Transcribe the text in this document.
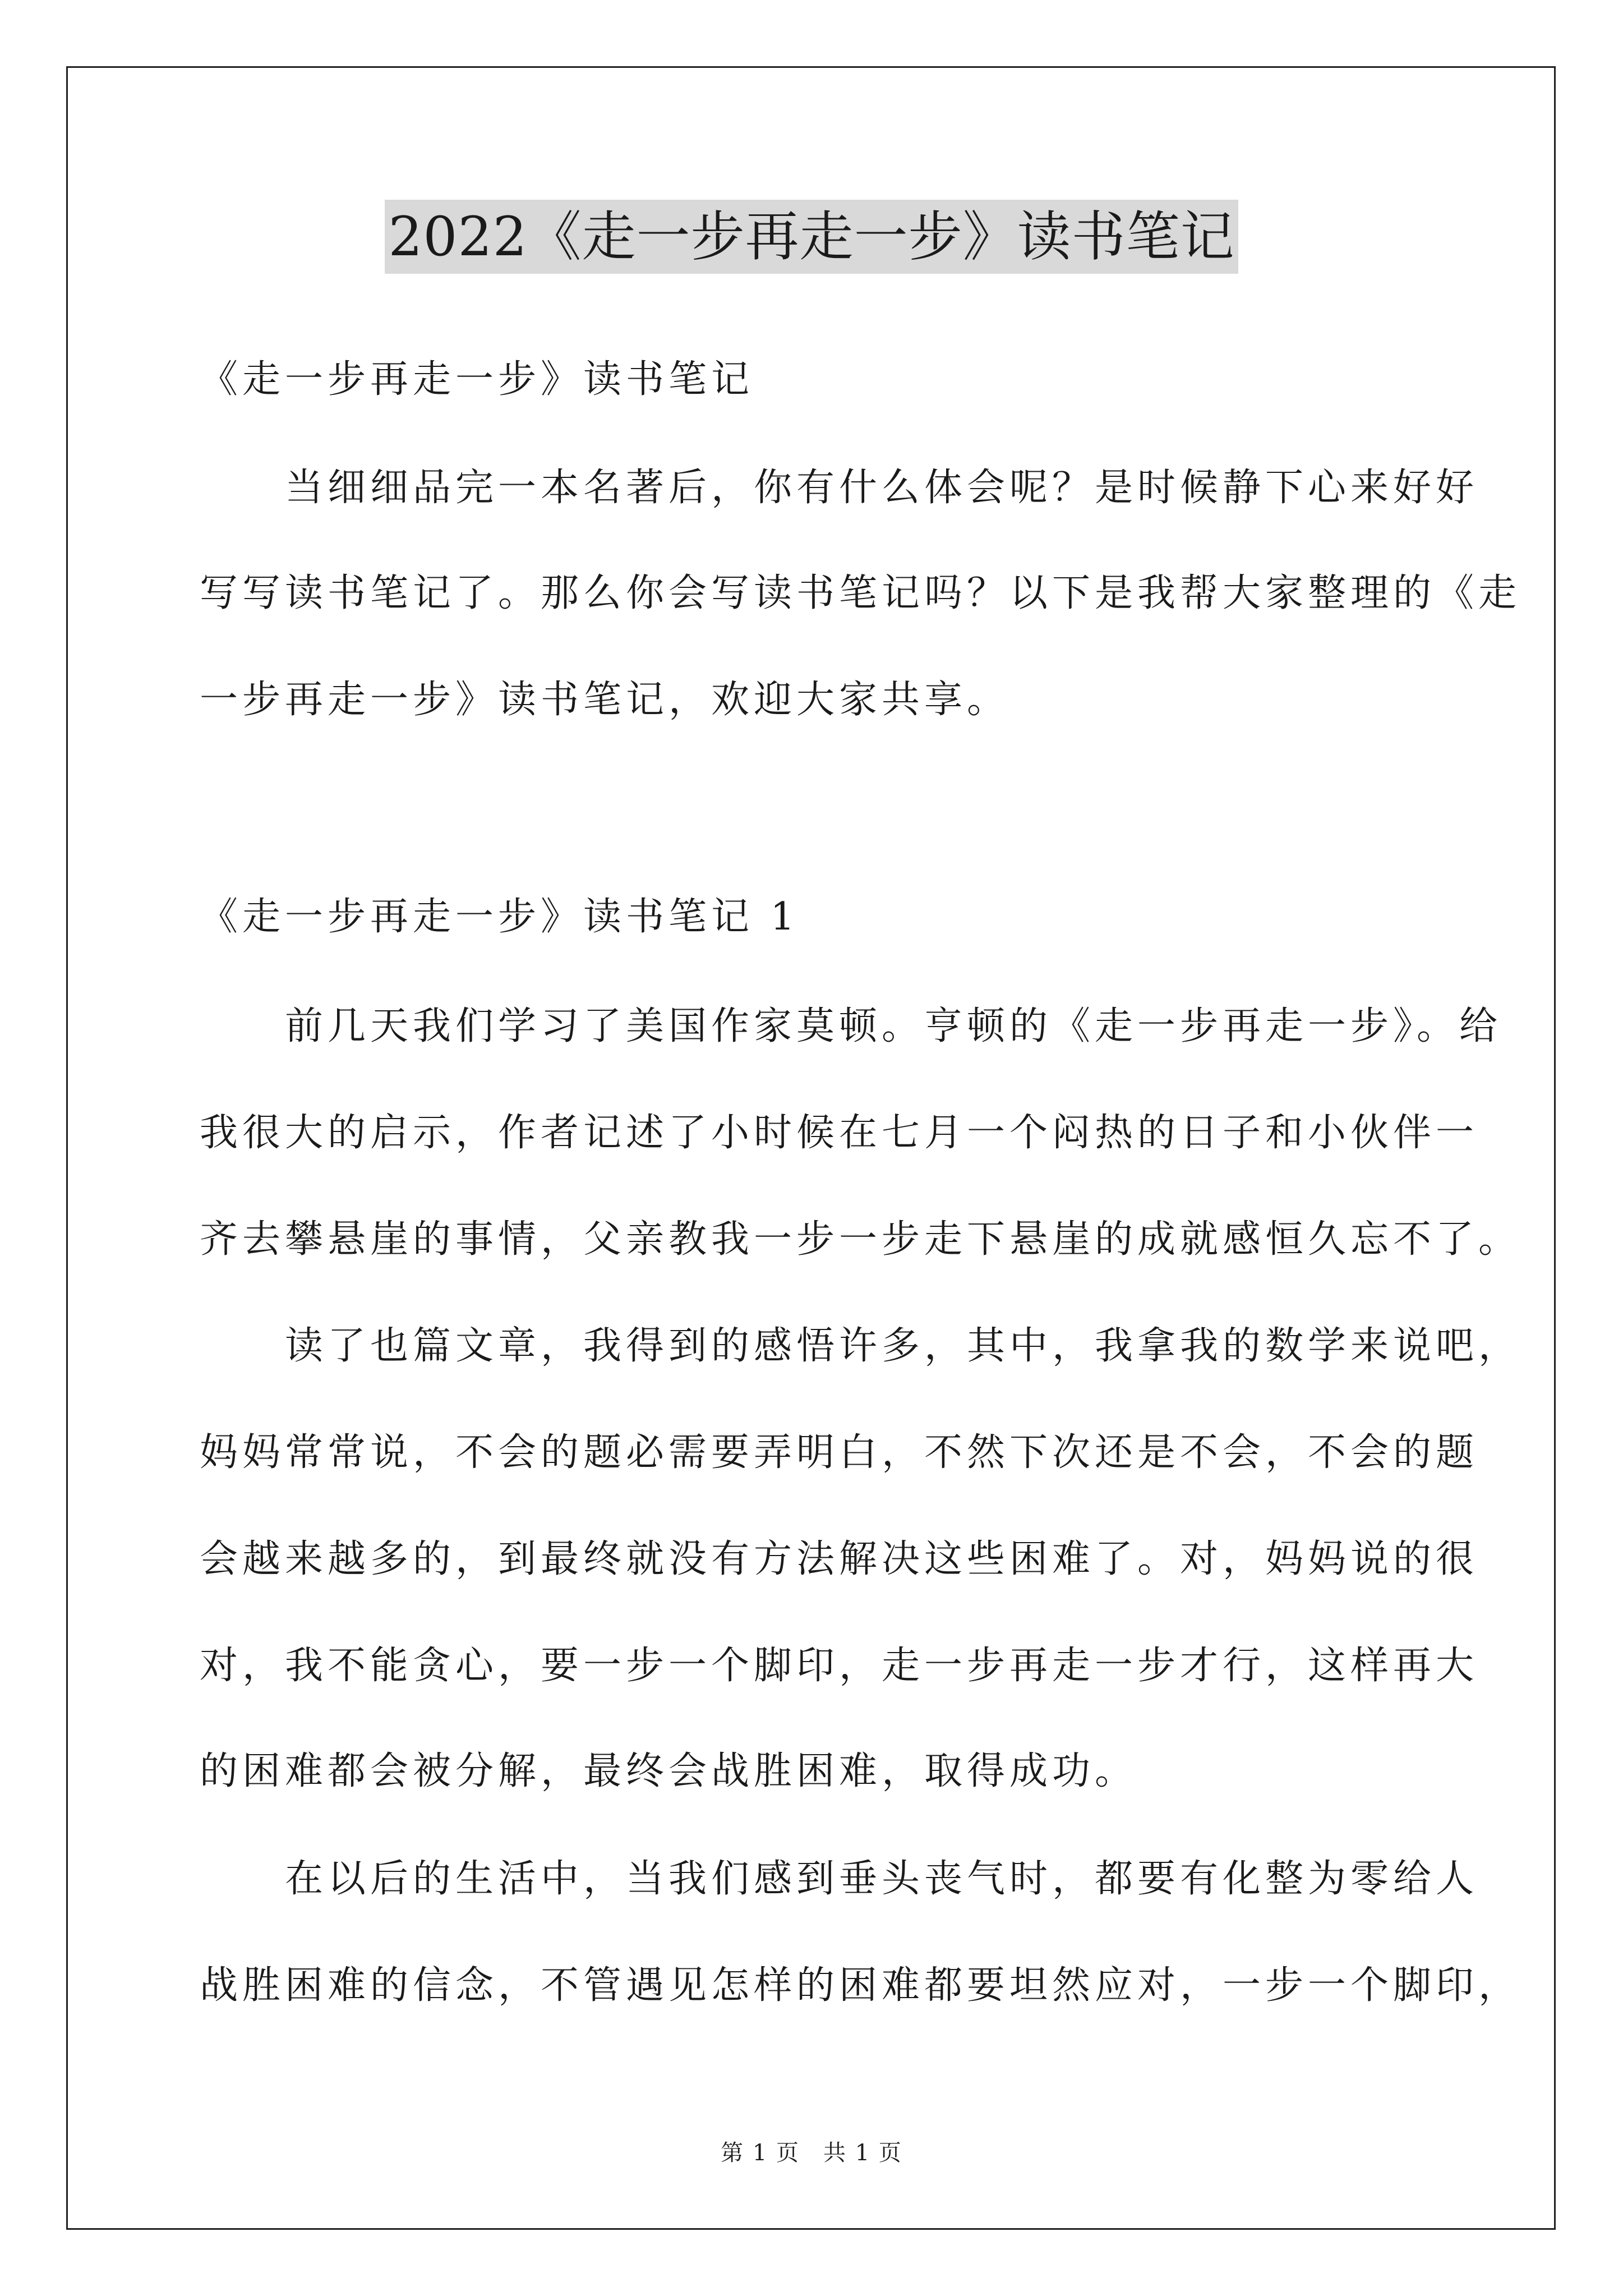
2022《走一步再走一步》读书笔记
《走一步再走一步》读书笔记
　　当细细品完一本名著后，你有什么体会呢？是时候静下心来好好
写写读书笔记了。那么你会写读书笔记吗？以下是我帮大家整理的《走
一步再走一步》读书笔记，欢迎大家共享。
《走一步再走一步》读书笔记 1
　　前几天我们学习了美国作家莫顿。亨顿的《走一步再走一步》。给
我很大的启示，作者记述了小时候在七月一个闷热的日子和小伙伴一
齐去攀悬崖的事情，父亲教我一步一步走下悬崖的成就感恒久忘不了。
　　读了也篇文章，我得到的感悟许多，其中，我拿我的数学来说吧，
妈妈常常说，不会的题必需要弄明白，不然下次还是不会，不会的题
会越来越多的，到最终就没有方法解决这些困难了。对，妈妈说的很
对，我不能贪心，要一步一个脚印，走一步再走一步才行，这样再大
的困难都会被分解，最终会战胜困难，取得成功。
　　在以后的生活中，当我们感到垂头丧气时，都要有化整为零给人
战胜困难的信念，不管遇见怎样的困难都要坦然应对，一步一个脚印，
第 1 页　共 1 页
